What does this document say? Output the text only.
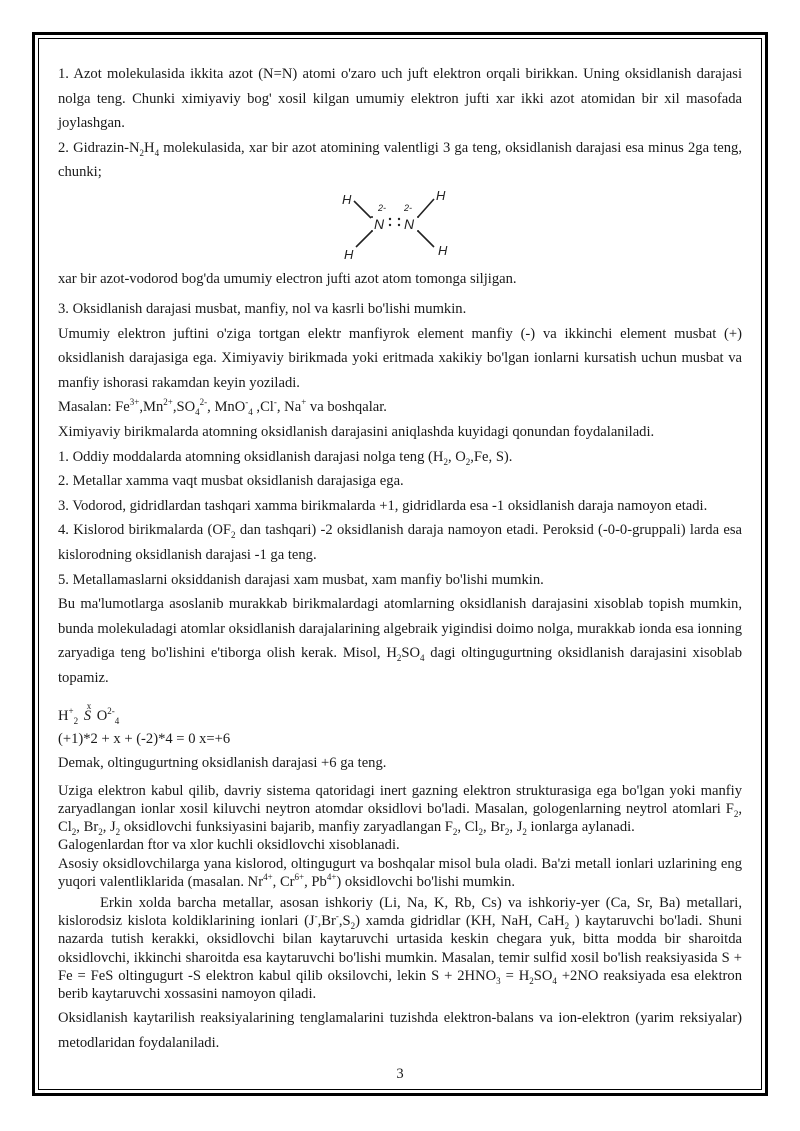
1. Azot molekulasida ikkita azot (N=N) atomi o'zaro uch juft elektron orqali birikkan. Uning oksidlanish darajasi nolga teng. Chunki ximiyaviy bog' xosil kilgan umumiy elektron jufti xar ikki azot atomidan bir xil masofada joylashgan.

2. Gidrazin-$N_2H_4$ molekulasida, xar bir azot atomining valentligi 3 ga teng, oksidlanish darajasi esa minus 2ga teng, chunki;

H	H
H	H
N N
2- 2-

xar bir azot-vodorod bog'da umumiy electron jufti azot atom tomonga siljigan.

3. Oksidlanish darajasi musbat, manfiy, nol va kasrli bo'lishi mumkin.

Umumiy elektron juftini o'ziga tortgan elektr manfiyrok element manfiy (-) va ikkinchi element musbat (+) oksidlanish darajasiga ega. Ximiyaviy birikmada yoki eritmada xakikiy bo'lgan ionlarni kursatish uchun musbat va manfiy ishorasi rakamdan keyin yoziladi.

Masalan: $Fe^{3+},Mn^{2+},SO_4^{2-}$, MnO-$_4$ ,Cl-, Na+ va boshqalar.

Ximiyaviy birikmalarda atomning oksidlanish darajasini aniqlashda kuyidagi qonundan foydalaniladi.

1. Oddiy moddalarda atomning oksidlanish darajasi nolga teng ($H_2$, $O_2,Fe$, S).

2. Metallar xamma vaqt musbat oksidlanish darajasiga ega.

3. Vodorod, gidridlardan tashqari xamma birikmalarda +1, gidridlarda esa -1 oksidlanish daraja namoyon etadi.

4. Kislorod birikmalarda ($OF_2$ dan tashqari) -2 oksidlanish daraja namoyon etadi. Peroksid (-0-0-gruppali) larda esa kislorodning oksidlanish darajasi -1 ga teng.

5. Metallamaslarni oksiddanish darajasi xam musbat, xam manfiy bo'lishi mumkin.

Bu ma'lumotlarga asoslanib murakkab birikmalardagi atomlarning oksidlanish darajasini xisoblab topish mumkin, bunda molekuladagi atomlar oksidlanish darajalarining algebraik yigindisi doimo nolga, murakkab ionda esa ionning zaryadiga teng bo'lishini e'tiborga olish kerak. Misol, $H_2SO_4$ dagi oltingugurtning oksidlanish darajasini xisoblab topamiz.

$H^+_2$
x
S $O^{2-}_4$

(+1)*2 + x + (-2)*4 = 0 x=+6

Demak, oltingugurtning oksidlanish darajasi +6 ga teng.

Uziga elektron kabul qilib, davriy sistema qatoridagi inert gazning elektron strukturasiga ega bo'lgan yoki manfiy zaryadlangan ionlar xosil kiluvchi neytron atomdar oksidlovi bo'ladi. Masalan, gologenlarning neytrol atomlari $F_2$, $Cl_2$, $Br_2$, $J_2$ oksidlovchi funksiyasini bajarib, manfiy zaryadlangan $F_2$, $Cl_2$, $Br_2$, $J_2$ ionlarga aylanadi.

Galogenlardan ftor va xlor kuchli oksidlovchi xisoblanadi.

Asosiy oksidlovchilarga yana kislorod, oltingugurt va boshqalar misol bula oladi. Ba'zi metall ionlari uzlarining eng yuqori valentliklarida (masalan. $Nr^{4+}$, $Cr^{6+}$, $Pb^{4+}$) oksidlovchi bo'lishi mumkin.

Erkin xolda barcha metallar, asosan ishkoriy (Li, Na, K, Rb, Cs) va ishkoriy-yer (Ca, Sr, Ba) metallari, kislorodsiz kislota koldiklarining ionlari $(J^-,Br^-,S_2)$ xamda gidridlar (KH, NaH, CaH$_2$ ) kaytaruvchi bo'ladi. Shuni nazarda tutish kerakki, oksidlovchi bilan kaytaruvchi urtasida keskin chegara yuk, bitta modda bir sharoitda oksidlovchi, ikkinchi sharoitda esa kaytaruvchi bo'lishi mumkin. Masalan, temir sulfid xosil bo'lish reaksiyasida S + Fe = FeS oltingugurt -S elektron kabul qilib oksilovchi, lekin $S + 2HNO_3 = H_2SO_4 +2NO$ reaksiyada esa elektron berib kaytaruvchi xossasini namoyon qiladi.

Oksidlanish kaytarilish reaksiyalarining tenglamalarini tuzishda elektron-balans va ion-elektron (yarim reksiyalar) metodlaridan foydalaniladi.

3
